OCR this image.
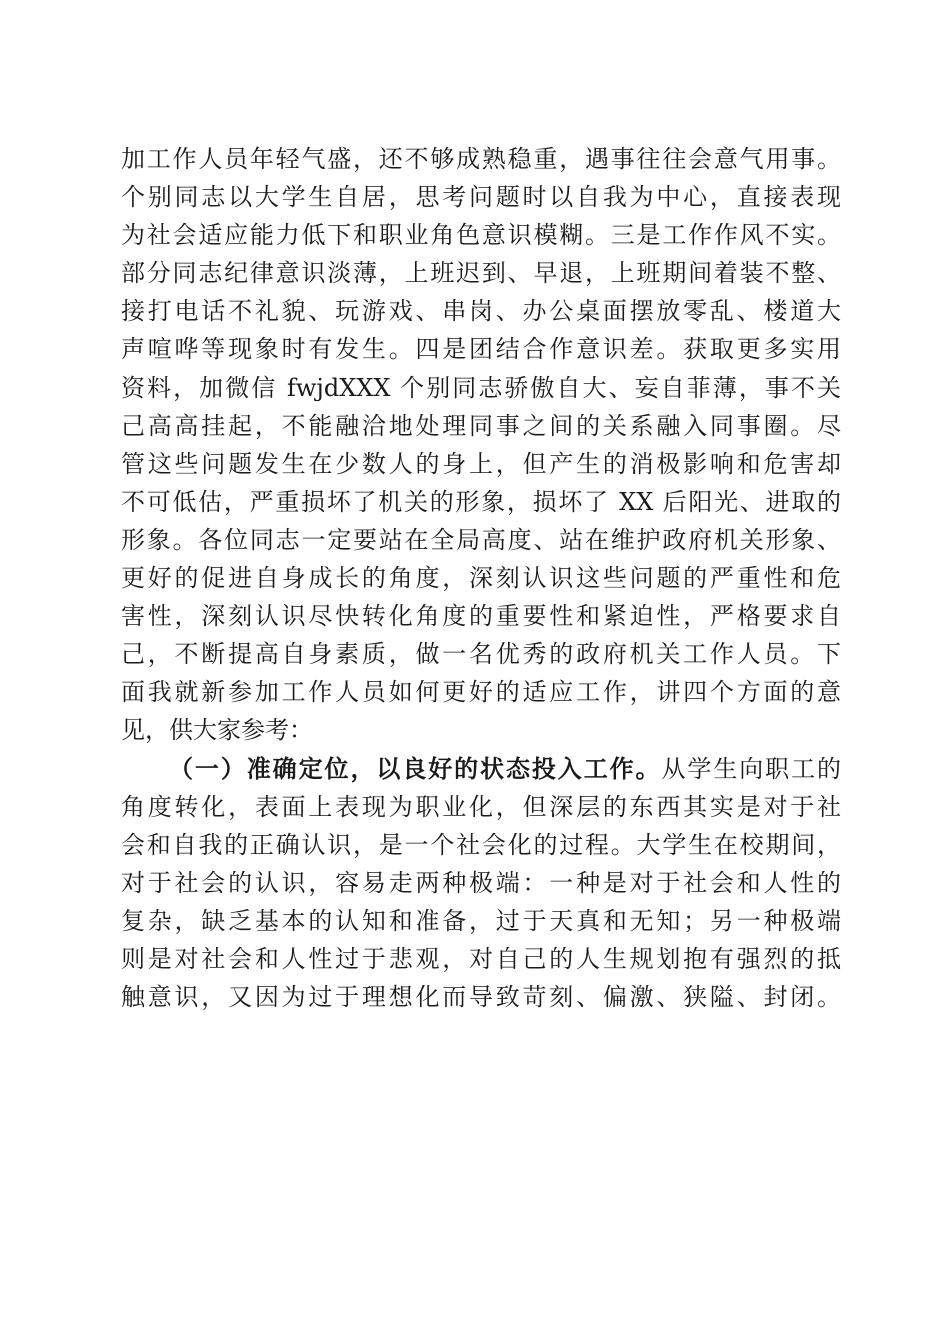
加工作人员年轻气盛，还不够成熟稳重，遇事往往会意气用事。
个别同志以大学生自居，思考问题时以自我为中心，直接表现
为社会适应能力低下和职业角色意识模糊。三是工作作风不实。
部分同志纪律意识淡薄，上班迟到、早退，上班期间着装不整、
接打电话不礼貌、玩游戏、串岗、办公桌面摆放零乱、楼道大
声喧哗等现象时有发生。四是团结合作意识差。获取更多实用
资料，加微信 fwjdXXX 个别同志骄傲自大、妄自菲薄，事不关
己高高挂起，不能融洽地处理同事之间的关系融入同事圈。尽
管这些问题发生在少数人的身上，但产生的消极影响和危害却
不可低估，严重损坏了机关的形象，损坏了 XX 后阳光、进取的
形象。各位同志一定要站在全局高度、站在维护政府机关形象、
更好的促进自身成长的角度，深刻认识这些问题的严重性和危
害性，深刻认识尽快转化角度的重要性和紧迫性，严格要求自
己，不断提高自身素质，做一名优秀的政府机关工作人员。下
面我就新参加工作人员如何更好的适应工作，讲四个方面的意
见，供大家参考：
（一）准确定位，以良好的状态投入工作。从学生向职工的
角度转化，表面上表现为职业化，但深层的东西其实是对于社
会和自我的正确认识，是一个社会化的过程。大学生在校期间，
对于社会的认识，容易走两种极端：一种是对于社会和人性的
复杂，缺乏基本的认知和准备，过于天真和无知；另一种极端
则是对社会和人性过于悲观，对自己的人生规划抱有强烈的抵
触意识，又因为过于理想化而导致苛刻、偏激、狭隘、封闭。
